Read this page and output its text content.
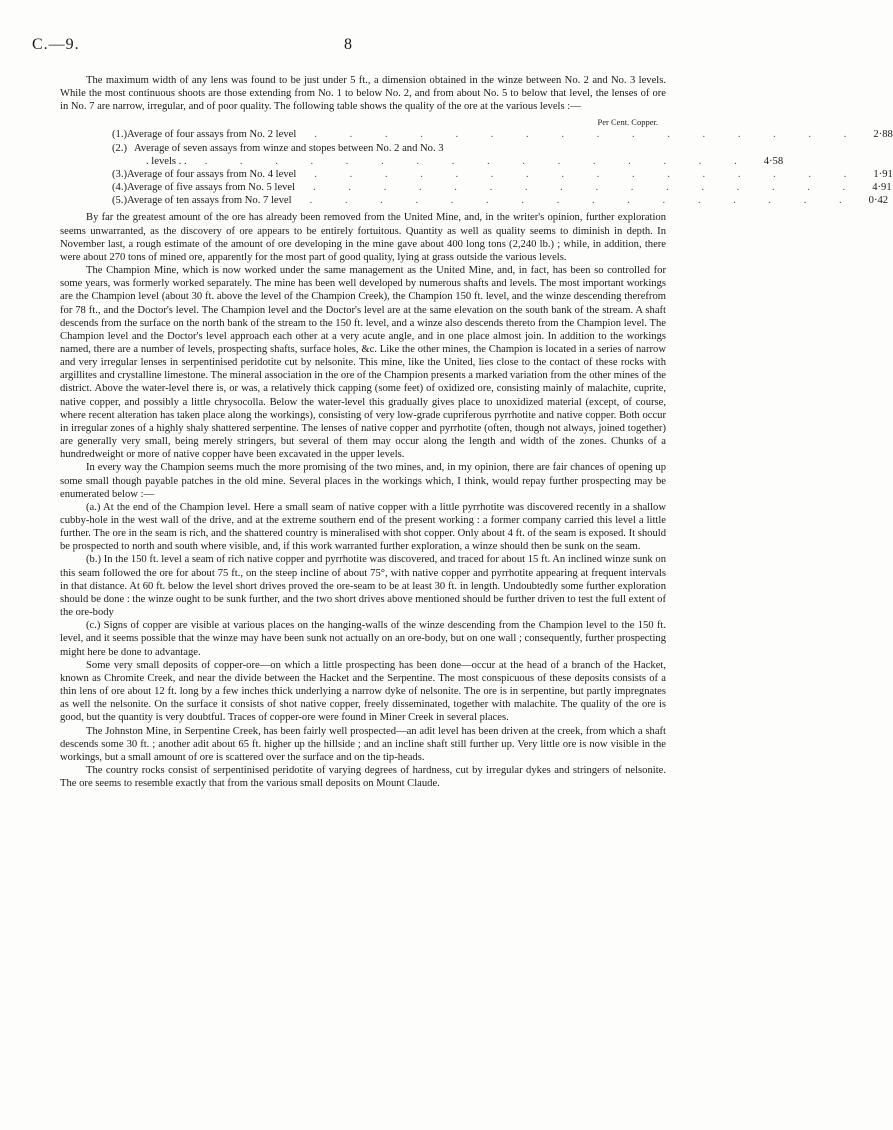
C.—9.	8

The maximum width of any lens was found to be just under 5 ft., a dimension obtained in the winze between No. 2 and No. 3 levels. While the most continuous shoots are those extending from No. 1 to below No. 2, and from about No. 5 to below that level, the lenses of ore in No. 7 are narrow, irregular, and of poor quality. The following table shows the quality of the ore at the various levels :—

Per Cent. Copper.
(1.) Average of four assays from No. 2 level	. . . . . . . . . . . . . . . .	2·88
(2.) Average of seven assays from winze and stopes between No. 2 and No. 3
. levels . .	. . . . . . . . . . . . . . . .	4·58
(3.) Average of four assays from No. 4 level	. . . . . . . . . . . . . . . .	1·91
(4.) Average of five assays from No. 5 level	. . . . . . . . . . . . . . . .	4·91
(5.) Average of ten assays from No. 7 level	. . . . . . . . . . . . . . . .	0·42

By far the greatest amount of the ore has already been removed from the United Mine, and, in the writer's opinion, further exploration seems unwarranted, as the discovery of ore appears to be entirely fortuitous. Quantity as well as quality seems to diminish in depth. In November last, a rough estimate of the amount of ore developing in the mine gave about 400 long tons (2,240 lb.) ; while, in addition, there were about 270 tons of mined ore, apparently for the most part of good quality, lying at grass outside the various levels.

The Champion Mine, which is now worked under the same management as the United Mine, and, in fact, has been so controlled for some years, was formerly worked separately. The mine has been well developed by numerous shafts and levels. The most important workings are the Champion level (about 30 ft. above the level of the Champion Creek), the Champion 150 ft. level, and the winze descending therefrom for 78 ft., and the Doctor's level. The Champion level and the Doctor's level are at the same elevation on the south bank of the stream. A shaft descends from the surface on the north bank of the stream to the 150 ft. level, and a winze also descends thereto from the Champion level. The Champion level and the Doctor's level approach each other at a very acute angle, and in one place almost join. In addition to the workings named, there are a number of levels, prospecting shafts, surface holes, &c. Like the other mines, the Champion is located in a series of narrow and very irregular lenses in serpentinised peridotite cut by nelsonite. This mine, like the United, lies close to the contact of these rocks with argillites and crystalline limestone. The mineral association in the ore of the Champion presents a marked variation from the other mines of the district. Above the water-level there is, or was, a relatively thick capping (some feet) of oxidized ore, consisting mainly of malachite, cuprite, native copper, and possibly a little chrysocolla. Below the water-level this gradually gives place to unoxidized material (except, of course, where recent alteration has taken place along the workings), consisting of very low-grade cupriferous pyrrhotite and native copper. Both occur in irregular zones of a highly shaly shattered serpentine. The lenses of native copper and pyrrhotite (often, though not always, joined together) are generally very small, being merely stringers, but several of them may occur along the length and width of the zones. Chunks of a hundredweight or more of native copper have been excavated in the upper levels.

In every way the Champion seems much the more promising of the two mines, and, in my opinion, there are fair chances of opening up some small though payable patches in the old mine. Several places in the workings which, I think, would repay further prospecting may be enumerated below :—

(a.) At the end of the Champion level. Here a small seam of native copper with a little pyrrhotite was discovered recently in a shallow cubby-hole in the west wall of the drive, and at the extreme southern end of the present working : a former company carried this level a little further. The ore in the seam is rich, and the shattered country is mineralised with shot copper. Only about 4 ft. of the seam is exposed. It should be prospected to north and south where visible, and, if this work warranted further exploration, a winze should then be sunk on the seam.

(b.) In the 150 ft. level a seam of rich native copper and pyrrhotite was discovered, and traced for about 15 ft. An inclined winze sunk on this seam followed the ore for about 75 ft., on the steep incline of about 75°, with native copper and pyrrhotite appearing at frequent intervals in that distance. At 60 ft. below the level short drives proved the ore-seam to be at least 30 ft. in length. Undoubtedly some further exploration should be done : the winze ought to be sunk further, and the two short drives above mentioned should be further driven to test the full extent of the ore-body

(c.) Signs of copper are visible at various places on the hanging-walls of the winze descending from the Champion level to the 150 ft. level, and it seems possible that the winze may have been sunk not actually on an ore-body, but on one wall ; consequently, further prospecting might here be done to advantage.

Some very small deposits of copper-ore—on which a little prospecting has been done—occur at the head of a branch of the Hacket, known as Chromite Creek, and near the divide between the Hacket and the Serpentine. The most conspicuous of these deposits consists of a thin lens of ore about 12 ft. long by a few inches thick underlying a narrow dyke of nelsonite. The ore is in serpentine, but partly impregnates as well the nelsonite. On the surface it consists of shot native copper, freely disseminated, together with malachite. The quality of the ore is good, but the quantity is very doubtful. Traces of copper-ore were found in Miner Creek in several places.

The Johnston Mine, in Serpentine Creek, has been fairly well prospected—an adit level has been driven at the creek, from which a shaft descends some 30 ft. ; another adit about 65 ft. higher up the hillside ; and an incline shaft still further up. Very little ore is now visible in the workings, but a small amount of ore is scattered over the surface and on the tip-heads.

The country rocks consist of serpentinised peridotite of varying degrees of hardness, cut by irregular dykes and stringers of nelsonite. The ore seems to resemble exactly that from the various small deposits on Mount Claude.
